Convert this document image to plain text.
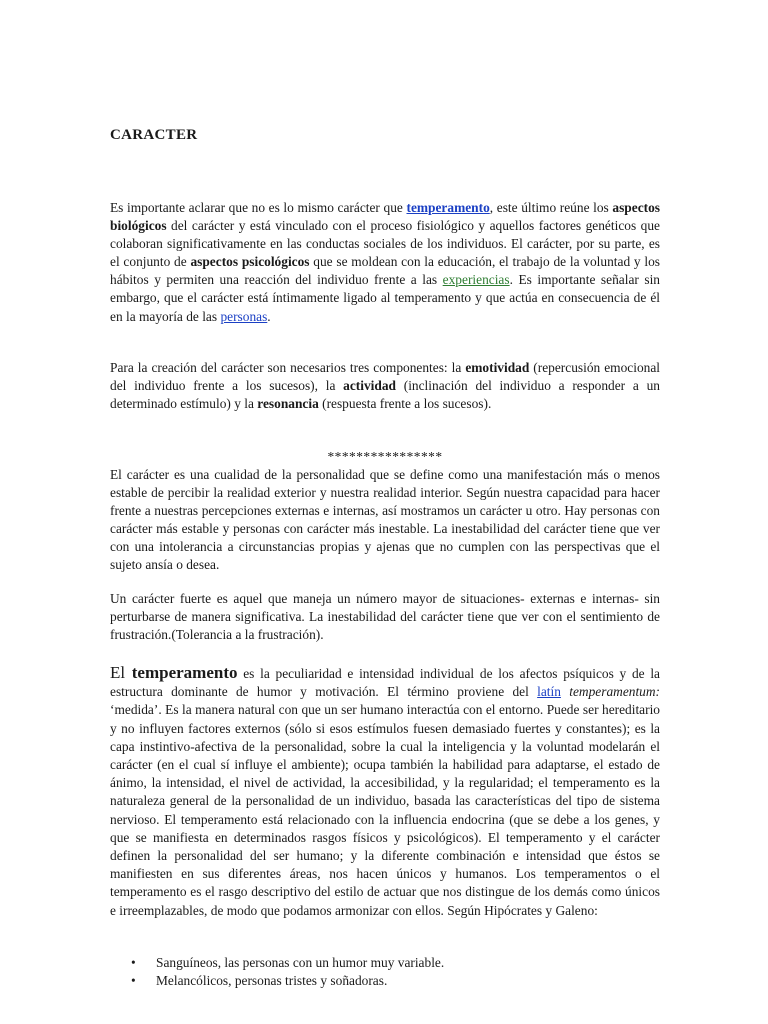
CARACTER

Es importante aclarar que no es lo mismo carácter que temperamento, este último reúne los aspectos biológicos del carácter y está vinculado con el proceso fisiológico y aquellos factores genéticos que colaboran significativamente en las conductas sociales de los individuos. El carácter, por su parte, es el conjunto de aspectos psicológicos que se moldean con la educación, el trabajo de la voluntad y los hábitos y permiten una reacción del individuo frente a las experiencias. Es importante señalar sin embargo, que el carácter está íntimamente ligado al temperamento y que actúa en consecuencia de él en la mayoría de las personas.

Para la creación del carácter son necesarios tres componentes: la emotividad (repercusión emocional del individuo frente a los sucesos), la actividad (inclinación del individuo a responder a un determinado estímulo) y la resonancia (respuesta frente a los sucesos).

****************

El carácter es una cualidad de la personalidad que se define como una manifestación más o menos estable de percibir la realidad exterior y nuestra realidad interior. Según nuestra capacidad para hacer frente a nuestras percepciones externas e internas, así mostramos un carácter u otro. Hay personas con carácter más estable y personas con carácter más inestable. La inestabilidad del carácter tiene que ver con una intolerancia a circunstancias propias y ajenas que no cumplen con las perspectivas que el sujeto ansía o desea.

Un carácter fuerte es aquel que maneja un número mayor de situaciones- externas e internas- sin perturbarse de manera significativa. La inestabilidad del carácter tiene que ver con el sentimiento de frustración.(Tolerancia a la frustración).

El temperamento es la peculiaridad e intensidad individual de los afectos psíquicos y de la estructura dominante de humor y motivación. El término proviene del latín temperamentum: ‘medida’. Es la manera natural con que un ser humano interactúa con el entorno. Puede ser hereditario y no influyen factores externos (sólo si esos estímulos fuesen demasiado fuertes y constantes); es la capa instintivo-afectiva de la personalidad, sobre la cual la inteligencia y la voluntad modelarán el carácter (en el cual sí influye el ambiente); ocupa también la habilidad para adaptarse, el estado de ánimo, la intensidad, el nivel de actividad, la accesibilidad, y la regularidad; el temperamento es la naturaleza general de la personalidad de un individuo, basada las características del tipo de sistema nervioso. El temperamento está relacionado con la influencia endocrina (que se debe a los genes, y que se manifiesta en determinados rasgos físicos y psicológicos). El temperamento y el carácter definen la personalidad del ser humano; y la diferente combinación e intensidad que éstos se manifiesten en sus diferentes áreas, nos hacen únicos y humanos. Los temperamentos o el temperamento es el rasgo descriptivo del estilo de actuar que nos distingue de los demás como únicos e irreemplazables, de modo que podamos armonizar con ellos. Según Hipócrates y Galeno:

• Sanguíneos, las personas con un humor muy variable.
• Melancólicos, personas tristes y soñadoras.
